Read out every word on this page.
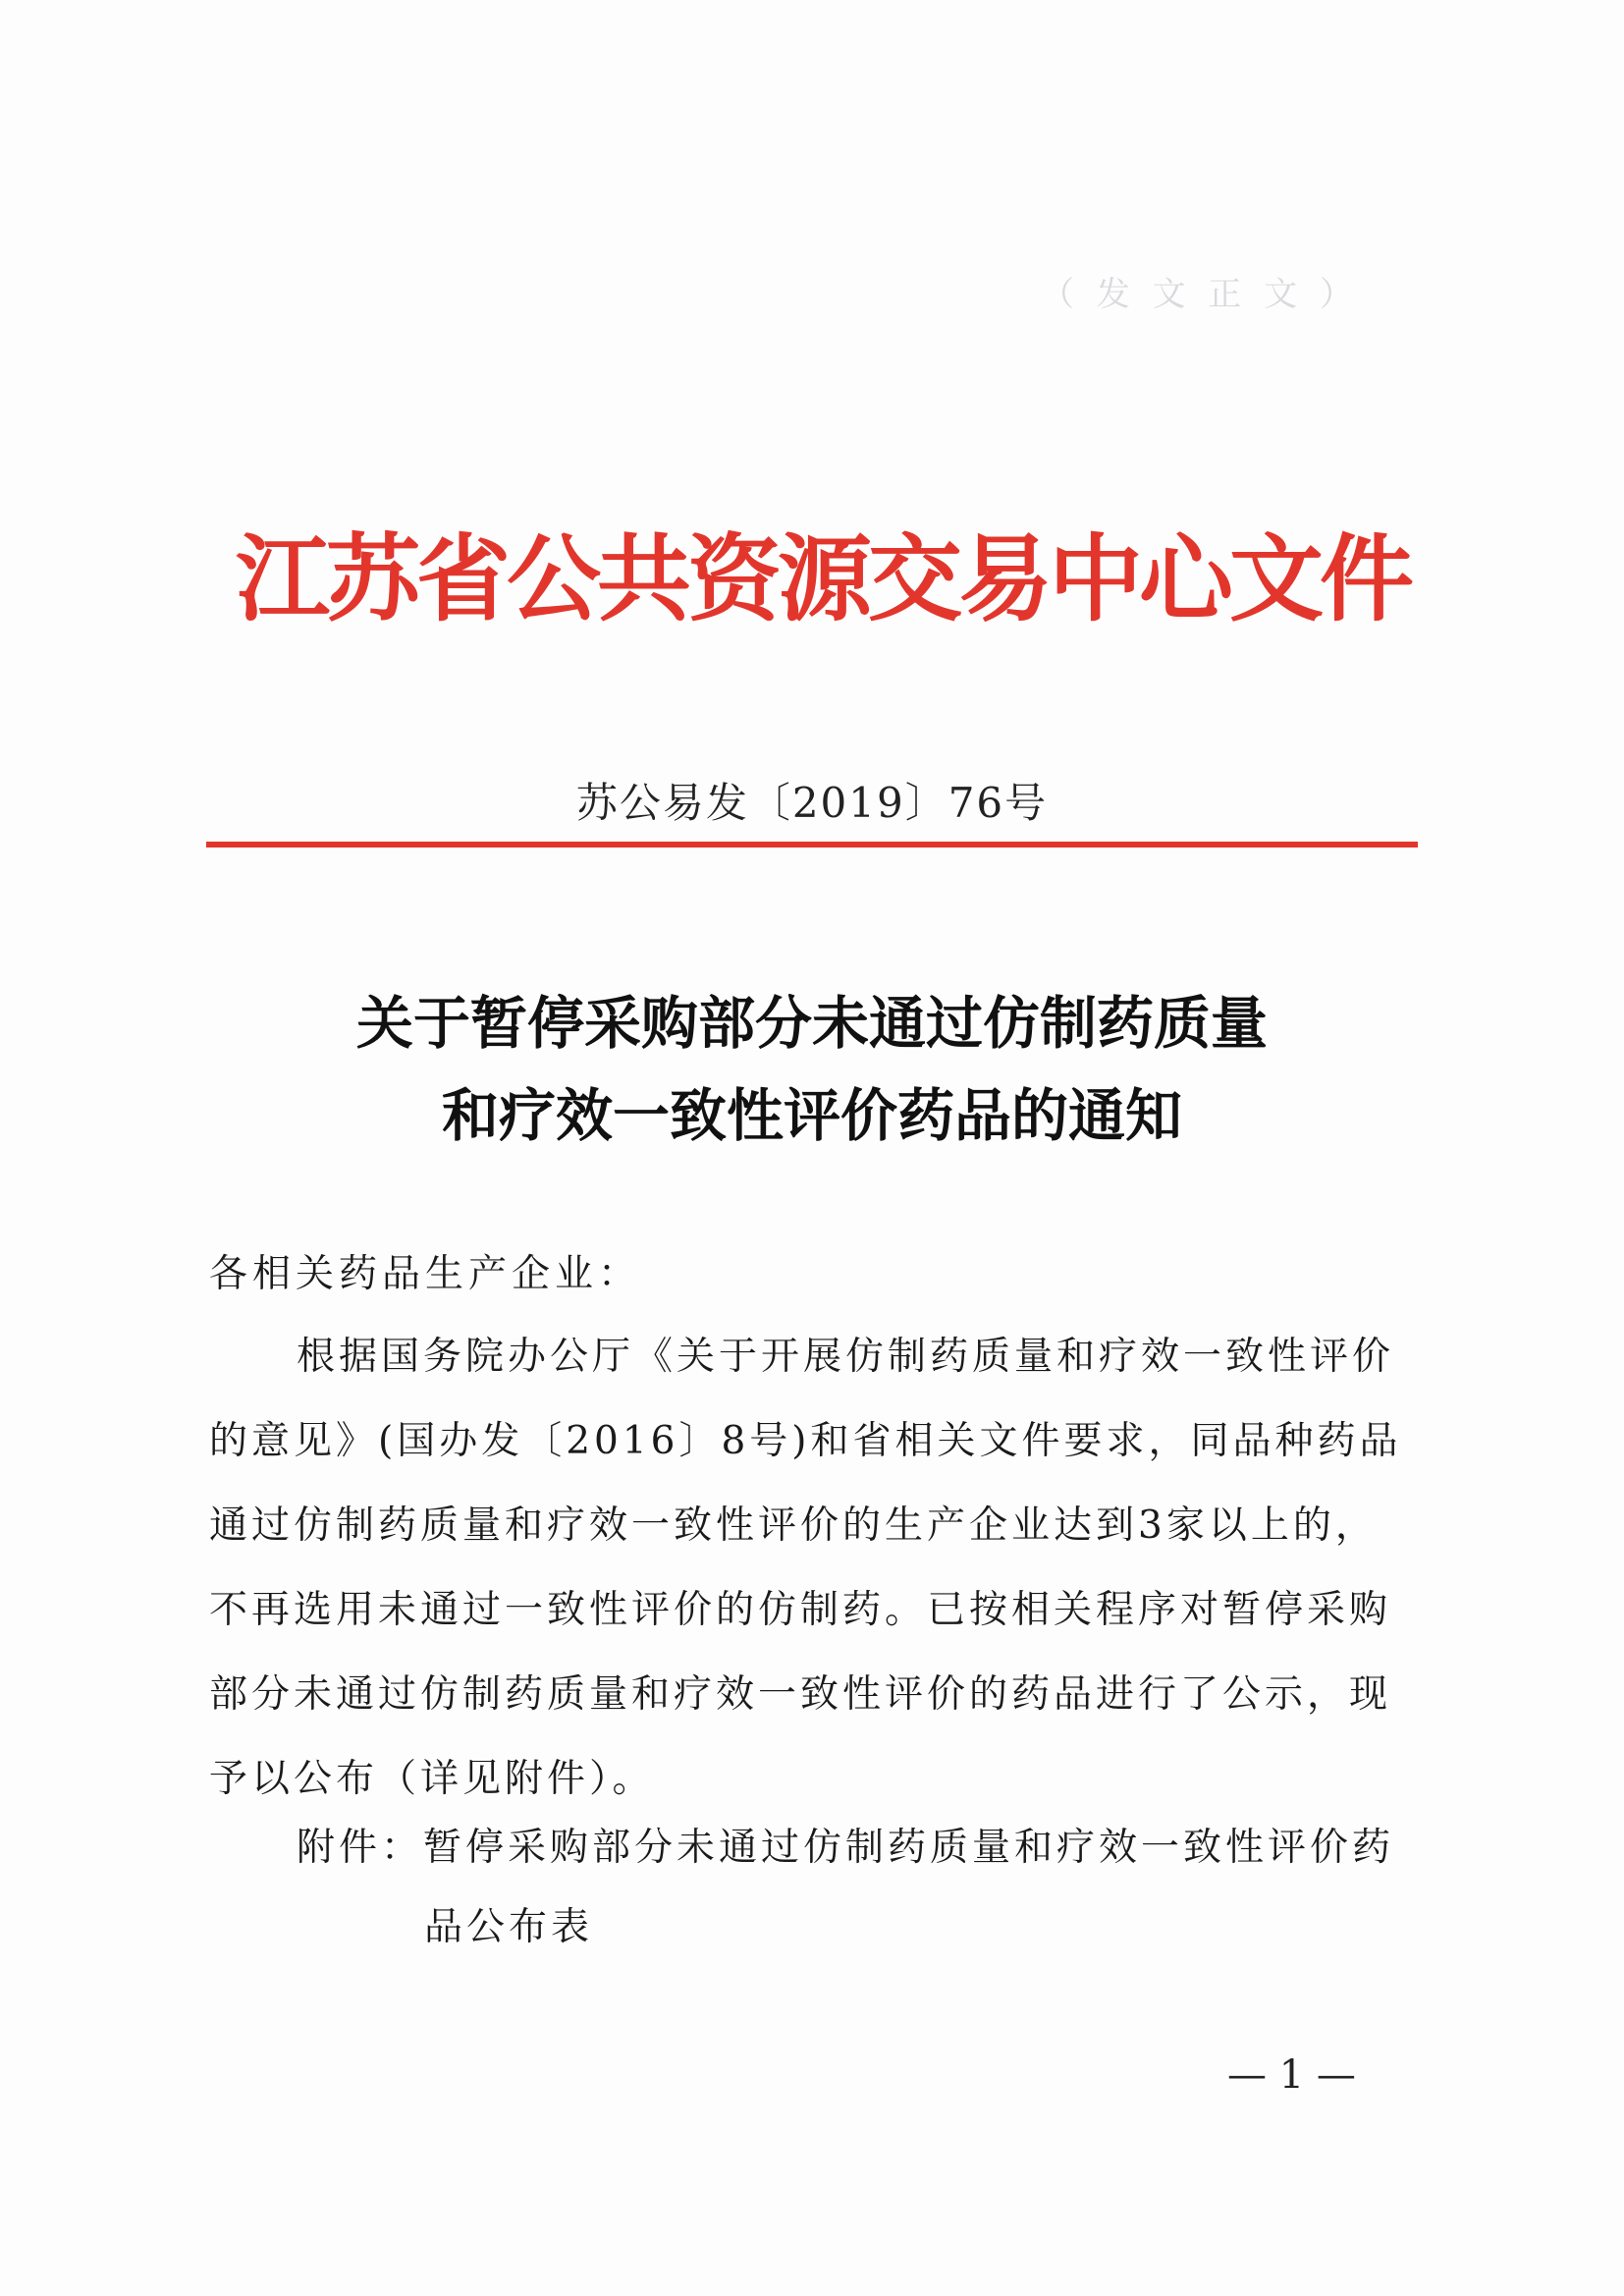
（ 发 文 正 文 ）
江苏省公共资源交易中心文件
苏公易发〔2019〕76号
关于暂停采购部分未通过仿制药质量
和疗效一致性评价药品的通知
各相关药品生产企业：
根据国务院办公厅《关于开展仿制药质量和疗效一致性评价
的意见》(国办发〔2016〕8号)和省相关文件要求，同品种药品
通过仿制药质量和疗效一致性评价的生产企业达到3家以上的，
不再选用未通过一致性评价的仿制药。已按相关程序对暂停采购
部分未通过仿制药质量和疗效一致性评价的药品进行了公示，现
予以公布（详见附件）。
附件：暂停采购部分未通过仿制药质量和疗效一致性评价药
品公布表
— 1 —
